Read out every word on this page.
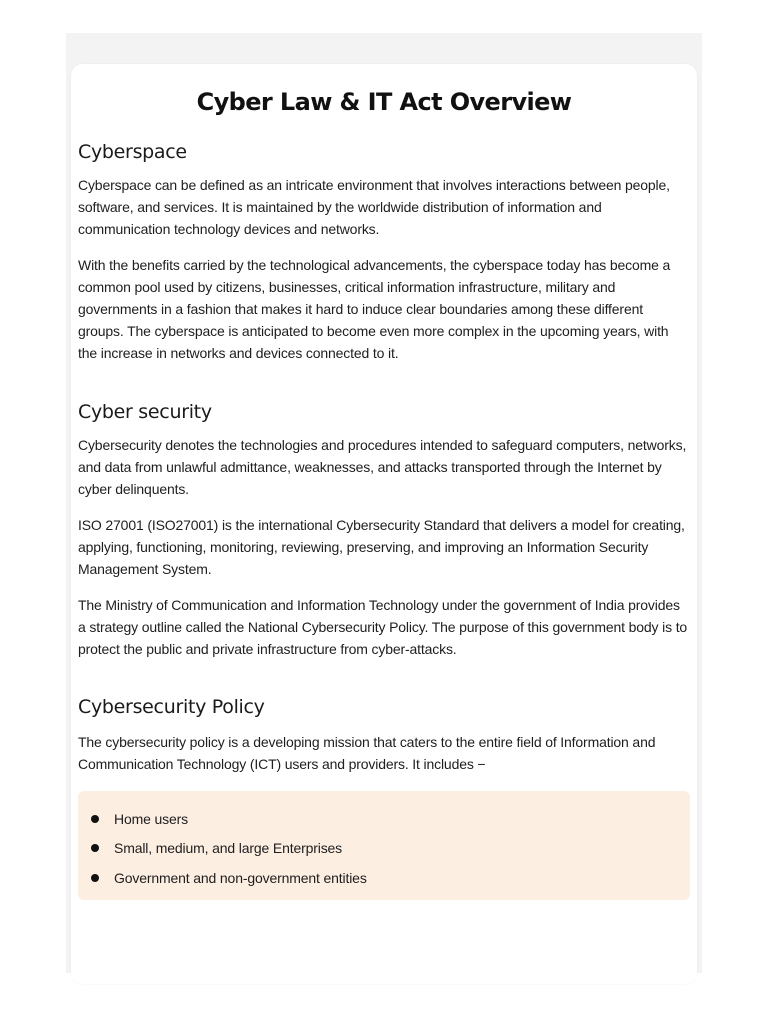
Cyber Law & IT Act Overview
Cyberspace

Cyberspace can be defined as an intricate environment that involves interactions between people, software, and services. It is maintained by the worldwide distribution of information and communication technology devices and networks.

With the benefits carried by the technological advancements, the cyberspace today has become a common pool used by citizens, businesses, critical information infrastructure, military and governments in a fashion that makes it hard to induce clear boundaries among these different groups. The cyberspace is anticipated to become even more complex in the upcoming years, with the increase in networks and devices connected to it.

Cyber security

Cybersecurity denotes the technologies and procedures intended to safeguard computers, networks, and data from unlawful admittance, weaknesses, and attacks transported through the Internet by cyber delinquents.

ISO 27001 (ISO27001) is the international Cybersecurity Standard that delivers a model for creating, applying, functioning, monitoring, reviewing, preserving, and improving an Information Security Management System.

The Ministry of Communication and Information Technology under the government of India provides a strategy outline called the National Cybersecurity Policy. The purpose of this government body is to protect the public and private infrastructure from cyber-attacks.

Cybersecurity Policy

The cybersecurity policy is a developing mission that caters to the entire field of Information and Communication Technology (ICT) users and providers. It includes −

Home users
Small, medium, and large Enterprises
Government and non-government entities
